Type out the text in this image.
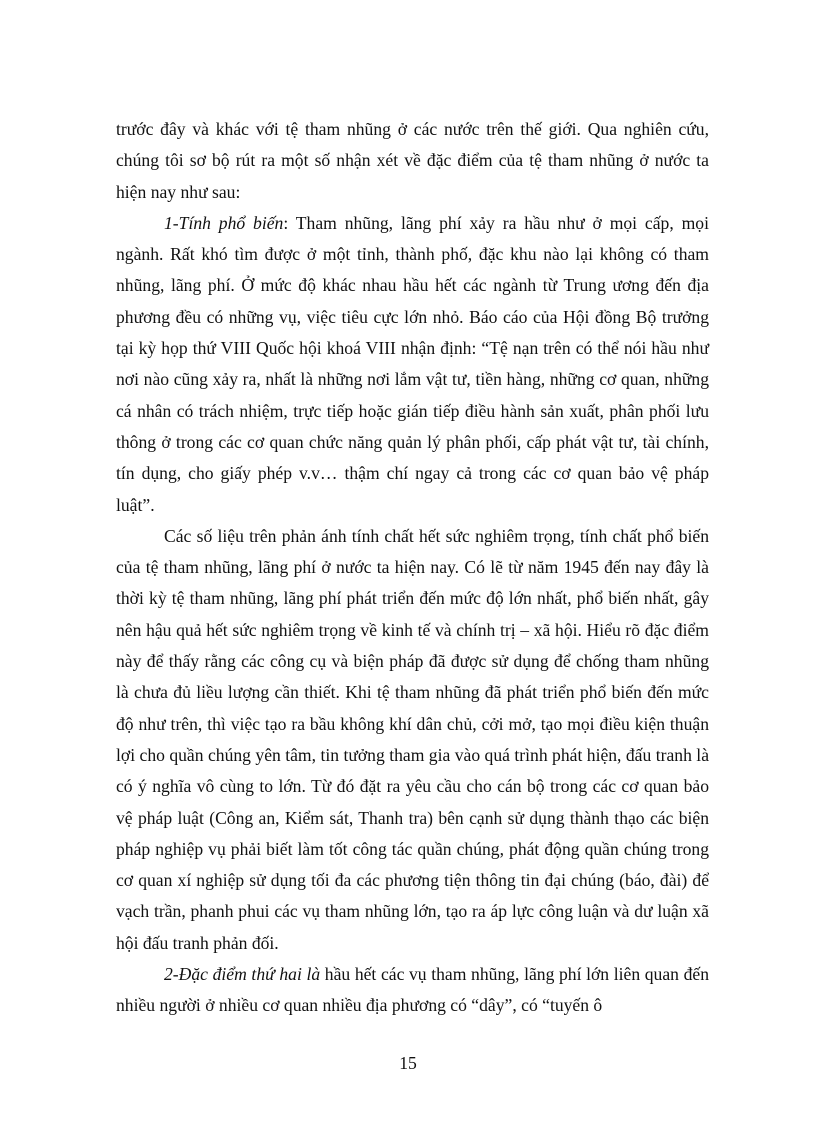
trước đây và khác với tệ tham nhũng ở các nước trên thế giới. Qua nghiên cứu, chúng tôi sơ bộ rút ra một số nhận xét về đặc điểm của tệ tham nhũng ở nước ta hiện nay như sau:

1-Tính phổ biến: Tham nhũng, lãng phí xảy ra hầu như ở mọi cấp, mọi ngành. Rất khó tìm được ở một tỉnh, thành phố, đặc khu nào lại không có tham nhũng, lãng phí. Ở mức độ khác nhau hầu hết các ngành từ Trung ương đến địa phương đều có những vụ, việc tiêu cực lớn nhỏ. Báo cáo của Hội đồng Bộ trưởng tại kỳ họp thứ VIII Quốc hội khoá VIII nhận định: “Tệ nạn trên có thể nói hầu như nơi nào cũng xảy ra, nhất là những nơi lắm vật tư, tiền hàng, những cơ quan, những cá nhân có trách nhiệm, trực tiếp hoặc gián tiếp điều hành sản xuất, phân phối lưu thông ở trong các cơ quan chức năng quản lý phân phối, cấp phát vật tư, tài chính, tín dụng, cho giấy phép v.v… thậm chí ngay cả trong các cơ quan bảo vệ pháp luật”.

Các số liệu trên phản ánh tính chất hết sức nghiêm trọng, tính chất phổ biến của tệ tham nhũng, lãng phí ở nước ta hiện nay. Có lẽ từ năm 1945 đến nay đây là thời kỳ tệ tham nhũng, lãng phí phát triển đến mức độ lớn nhất, phổ biến nhất, gây nên hậu quả hết sức nghiêm trọng về kinh tế và chính trị – xã hội. Hiểu rõ đặc điểm này để thấy rằng các công cụ và biện pháp đã được sử dụng để chống tham nhũng là chưa đủ liều lượng cần thiết. Khi tệ tham nhũng đã phát triển phổ biến đến mức độ như trên, thì việc tạo ra bầu không khí dân chủ, cởi mở, tạo mọi điều kiện thuận lợi cho quần chúng yên tâm, tin tưởng tham gia vào quá trình phát hiện, đấu tranh là có ý nghĩa vô cùng to lớn. Từ đó đặt ra yêu cầu cho cán bộ trong các cơ quan bảo vệ pháp luật (Công an, Kiểm sát, Thanh tra) bên cạnh sử dụng thành thạo các biện pháp nghiệp vụ phải biết làm tốt công tác quần chúng, phát động quần chúng trong cơ quan xí nghiệp sử dụng tối đa các phương tiện thông tin đại chúng (báo, đài) để vạch trần, phanh phui các vụ tham nhũng lớn, tạo ra áp lực công luận và dư luận xã hội đấu tranh phản đối.

2-Đặc điểm thứ hai là hầu hết các vụ tham nhũng, lãng phí lớn liên quan đến nhiều người ở nhiều cơ quan nhiều địa phương có “dây”, có “tuyến ô

15
